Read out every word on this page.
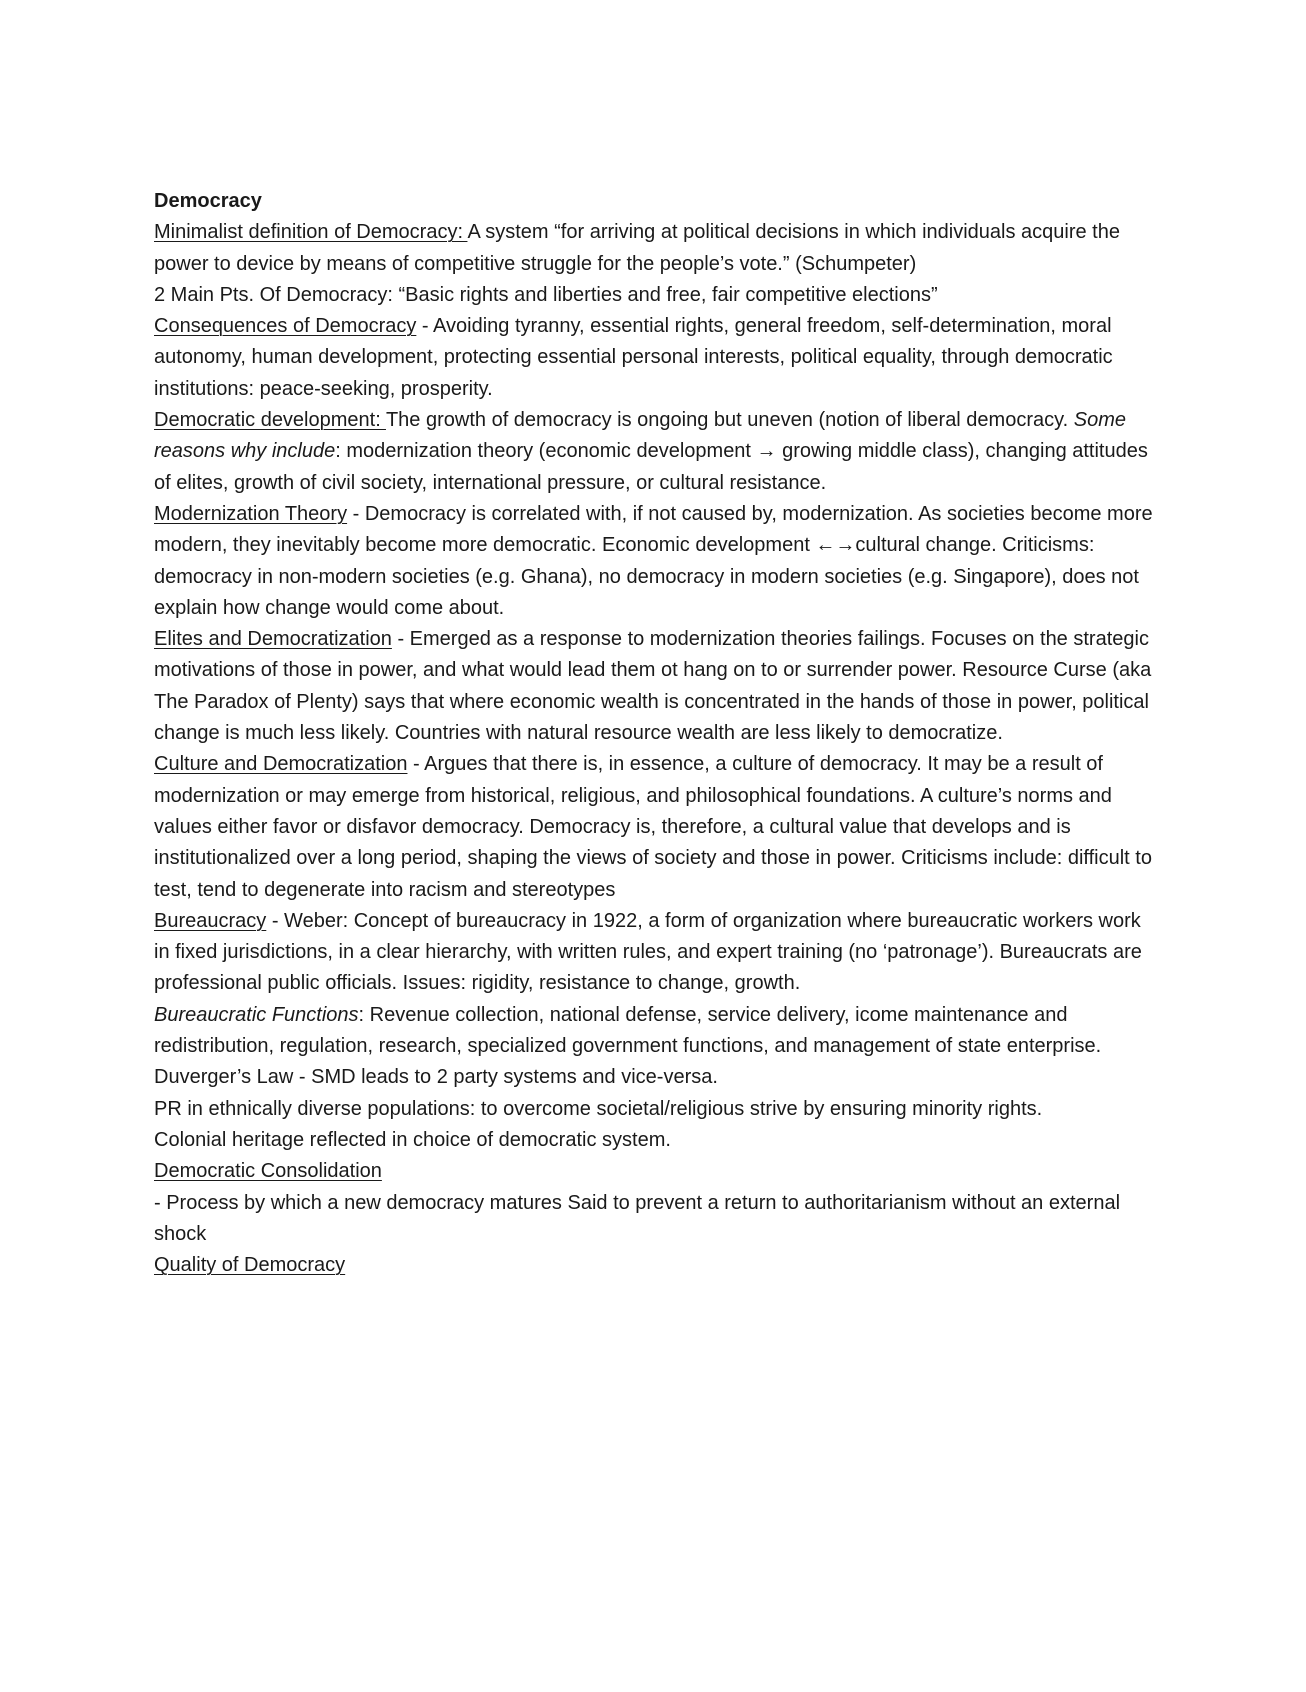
Democracy

Minimalist definition of Democracy: A system “for arriving at political decisions in which individuals acquire the power to device by means of competitive struggle for the people’s vote.” (Schumpeter)

2 Main Pts. Of Democracy: “Basic rights and liberties and free, fair competitive elections”

Consequences of Democracy - Avoiding tyranny, essential rights, general freedom, self-determination, moral autonomy, human development, protecting essential personal interests, political equality, through democratic institutions: peace-seeking, prosperity.

Democratic development: The growth of democracy is ongoing but uneven (notion of liberal democracy. Some reasons why include: modernization theory (economic development → growing middle class), changing attitudes of elites, growth of civil society, international pressure, or cultural resistance.

Modernization Theory - Democracy is correlated with, if not caused by, modernization. As societies become more modern, they inevitably become more democratic. Economic development ←→cultural change. Criticisms: democracy in non-modern societies (e.g. Ghana), no democracy in modern societies (e.g. Singapore), does not explain how change would come about.

Elites and Democratization - Emerged as a response to modernization theories failings. Focuses on the strategic motivations of those in power, and what would lead them ot hang on to or surrender power. Resource Curse (aka The Paradox of Plenty) says that where economic wealth is concentrated in the hands of those in power, political change is much less likely. Countries with natural resource wealth are less likely to democratize.

Culture and Democratization - Argues that there is, in essence, a culture of democracy. It may be a result of modernization or may emerge from historical, religious, and philosophical foundations. A culture’s norms and values either favor or disfavor democracy. Democracy is, therefore, a cultural value that develops and is institutionalized over a long period, shaping the views of society and those in power. Criticisms include: difficult to test, tend to degenerate into racism and stereotypes

Bureaucracy - Weber: Concept of bureaucracy in 1922, a form of organization where bureaucratic workers work in fixed jurisdictions, in a clear hierarchy, with written rules, and expert training (no ‘patronage’). Bureaucrats are professional public officials. Issues: rigidity, resistance to change, growth.

Bureaucratic Functions: Revenue collection, national defense, service delivery, icome maintenance and redistribution, regulation, research, specialized government functions, and management of state enterprise.

Duverger’s Law - SMD leads to 2 party systems and vice-versa.

PR in ethnically diverse populations: to overcome societal/religious strive by ensuring minority rights.

Colonial heritage reflected in choice of democratic system.

Democratic Consolidation

- Process by which a new democracy matures Said to prevent a return to authoritarianism without an external shock

Quality of Democracy
